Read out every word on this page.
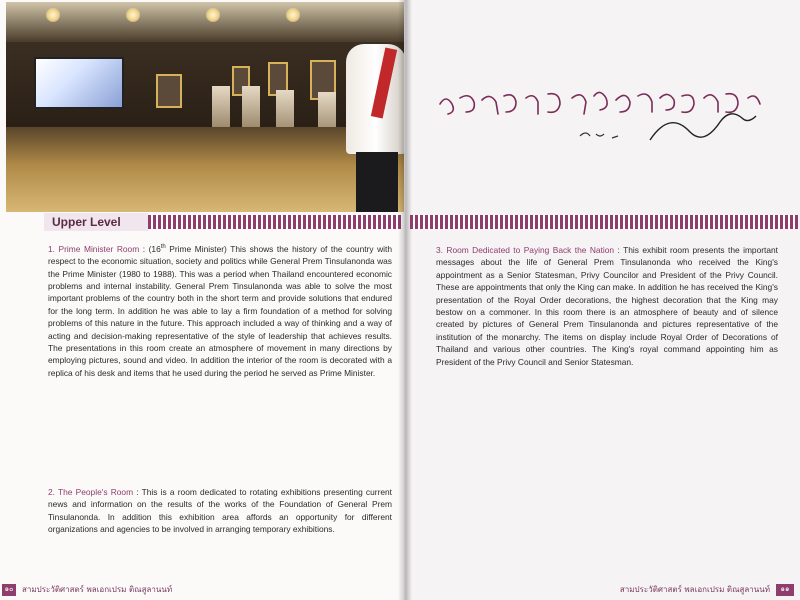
Upper Level

1. Prime Minister Room : (16th Prime Minister) This shows the history of the country with respect to the economic situation, society and politics while General Prem Tinsulanonda was the Prime Minister (1980 to 1988). This was a period when Thailand encountered economic problems and internal instability. General Prem Tinsulanonda was able to solve the most important problems of the country both in the short term and provide solutions that endured for the long term. In addition he was able to lay a firm foundation of a method for solving problems of this nature in the future. This approach included a way of thinking and a way of acting and decision-making representative of the style of leadership that achieves results. The presentations in this room create an atmosphere of movement in many directions by employing pictures, sound and video. In addition the interior of the room is decorated with a replica of his desk and items that he used during the period he served as Prime Minister.

2. The People's Room : This is a room dedicated to rotating exhibitions presenting current news and information on the results of the works of the Foundation of General Prem Tinsulanonda. In addition this exhibition area affords an opportunity for different organizations and agencies to be involved in arranging temporary exhibitions.

๑๐	สามประวัติศาสตร์ พลเอกเปรม ติณสูลานนท์

3. Room Dedicated to Paying Back the Nation : This exhibit room presents the important messages about the life of General Prem Tinsulanonda who received the King's appointment as a Senior Statesman, Privy Councilor and President of the Privy Council. These are appointments that only the King can make. In addition he has received the King's presentation of the Royal Order decorations, the highest decoration that the King may bestow on a commoner. In this room there is an atmosphere of beauty and of silence created by pictures of General Prem Tinsulanonda and pictures representative of the institution of the monarchy. The items on display include Royal Order of Decorations of Thailand and various other countries. The King's royal command appointing him as President of the Privy Council and Senior Statesman.

สามประวัติศาสตร์ พลเอกเปรม ติณสูลานนท์	๑๑
